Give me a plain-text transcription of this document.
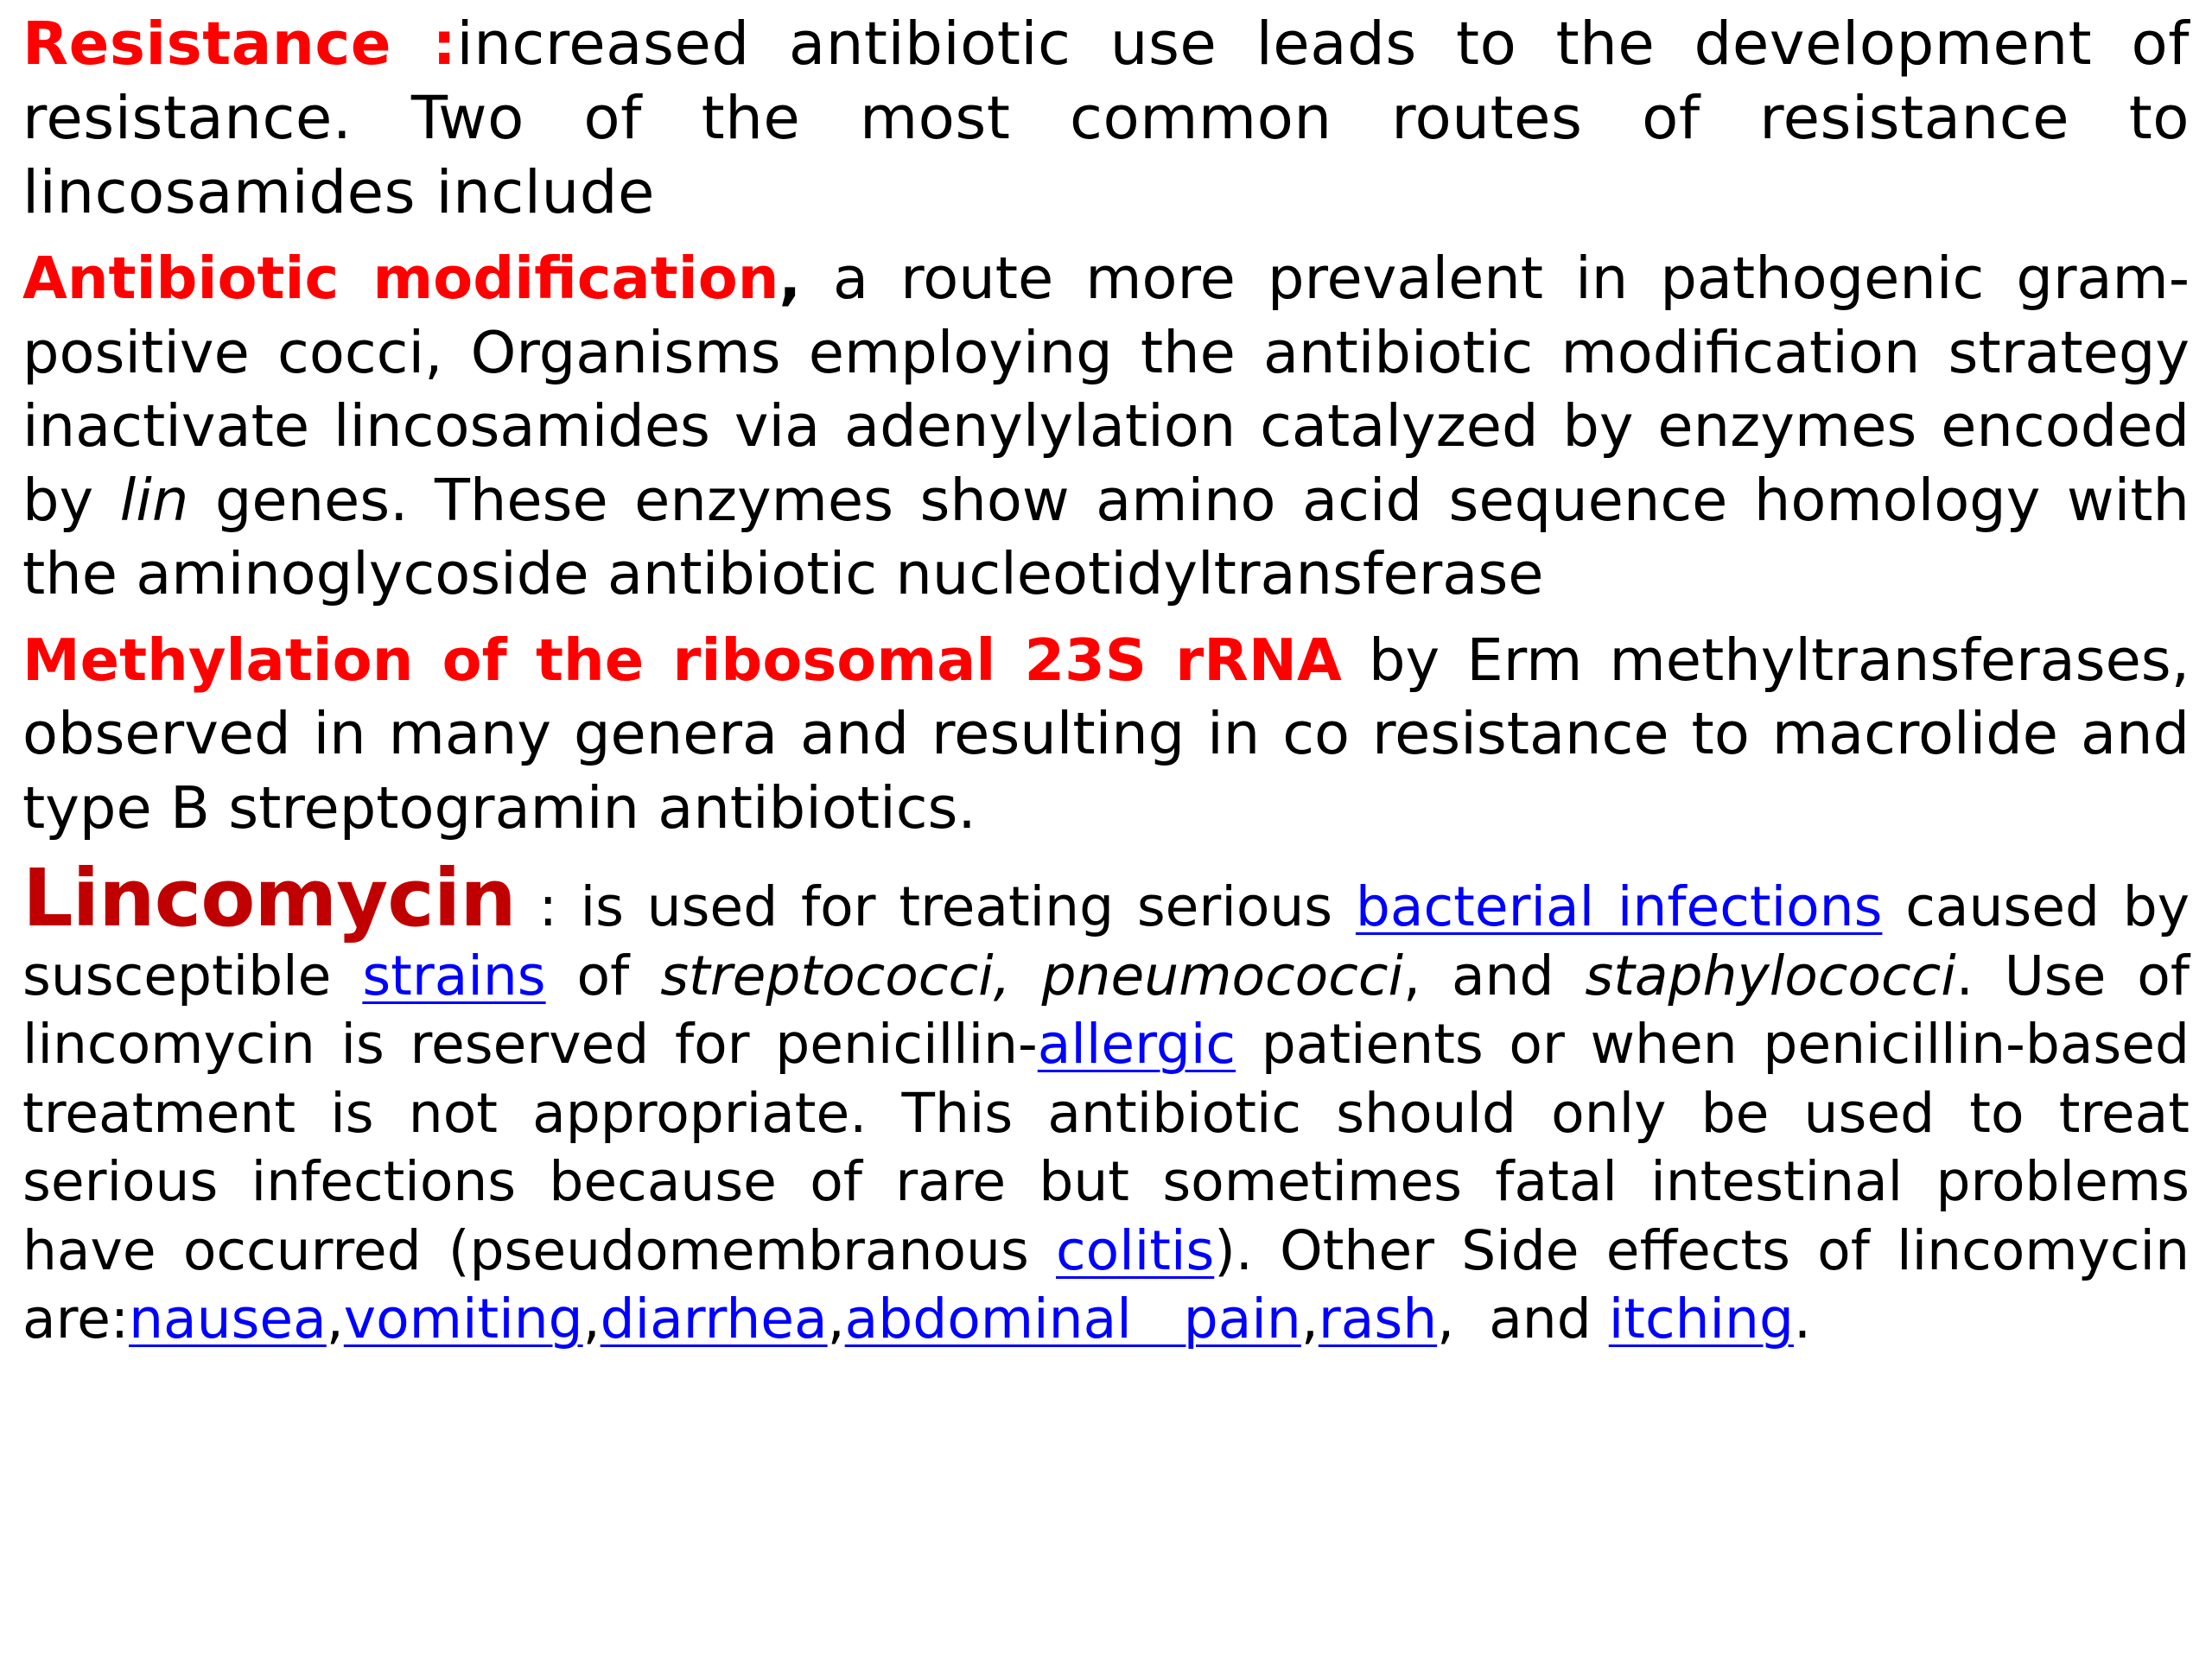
Resistance :increased antibiotic use leads to the development of resistance. Two of the most common routes of resistance to lincosamides include

Antibiotic modification, a route more prevalent in pathogenic gram-positive cocci, Organisms employing the antibiotic modification strategy inactivate lincosamides via adenylylation catalyzed by enzymes encoded by lin genes. These enzymes show amino acid sequence homology with the aminoglycoside antibiotic nucleotidyltransferase

Methylation of the ribosomal 23S rRNA by Erm methyltransferases, observed in many genera and resulting in co resistance to macrolide and type B streptogramin antibiotics.

Lincomycin : is used for treating serious bacterial infections caused by susceptible strains of streptococci, pneumococci, and staphylococci. Use of lincomycin is reserved for penicillin-allergic patients or when penicillin-based treatment is not appropriate. This antibiotic should only be used to treat serious infections because of rare but sometimes fatal intestinal problems have occurred (pseudomembranous colitis). Other Side effects of lincomycin are:nausea,vomiting,diarrhea,abdominal   pain,rash,  and itching.
